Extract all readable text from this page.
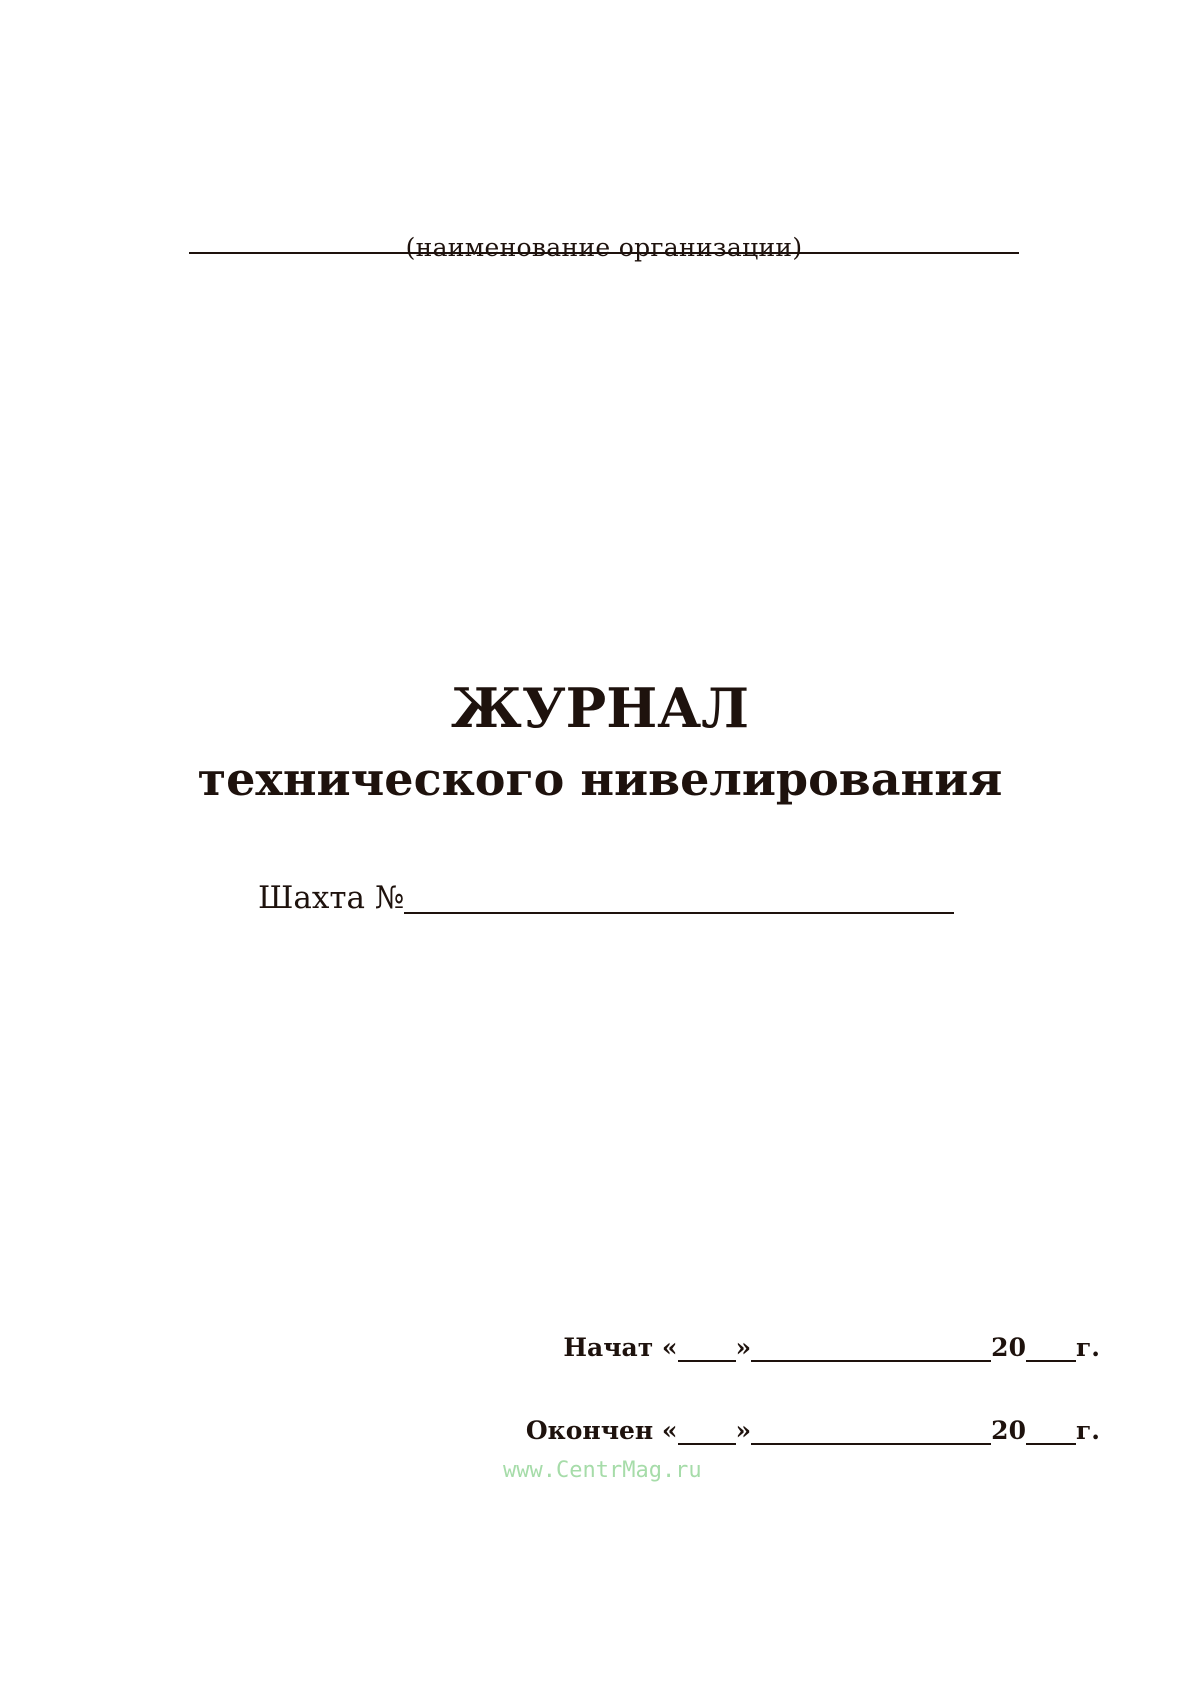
(наименование организации)
ЖУРНАЛ
технического нивелирования
Шахта №
Начат « »	20 г.
Окончен « »	20 г.
www.CentrMag.ru
